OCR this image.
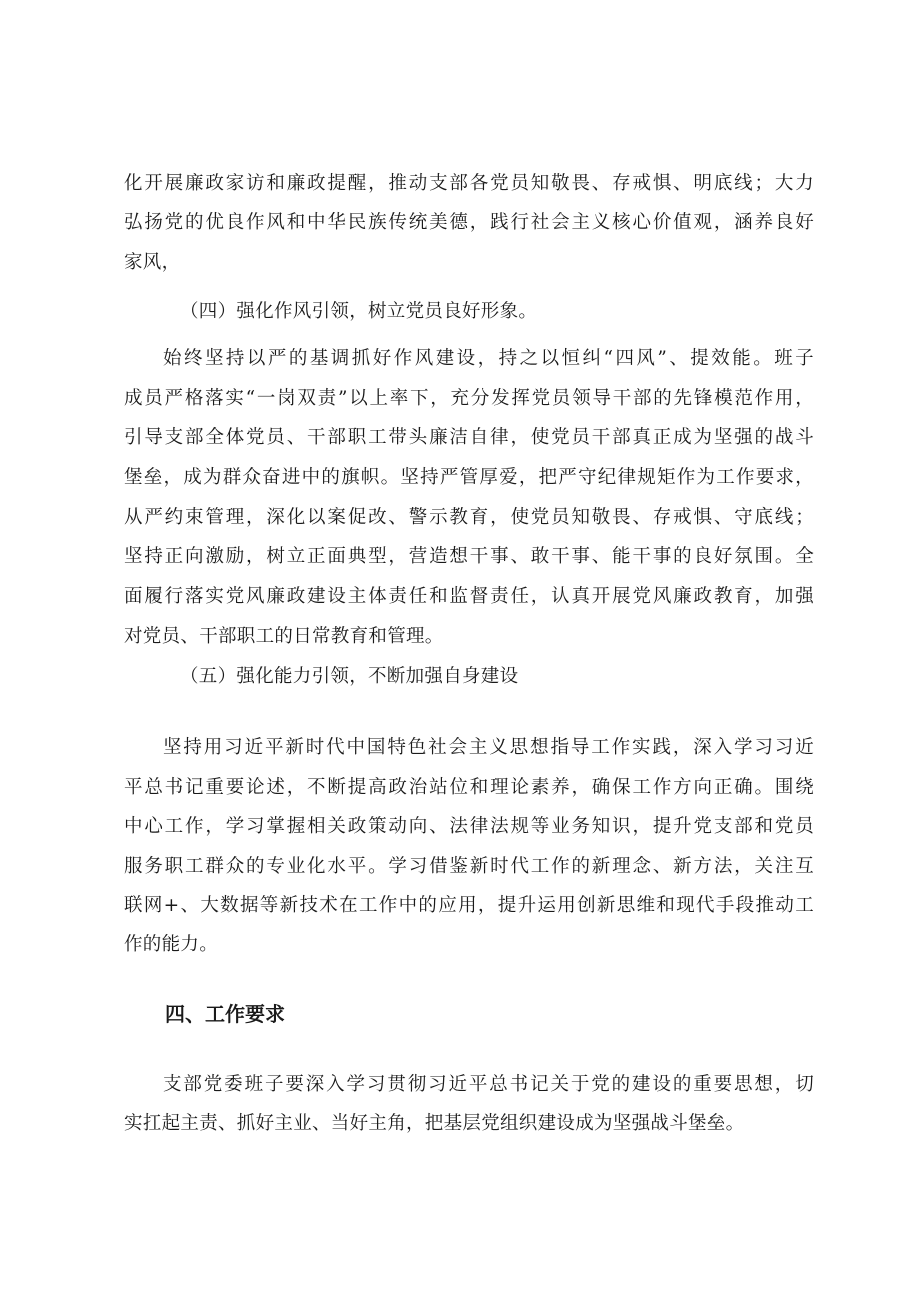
化开展廉政家访和廉政提醒，推动支部各党员知敬畏、存戒惧、明底线；大力
弘扬党的优良作风和中华民族传统美德，践行社会主义核心价值观，涵养良好
家风，
（四）强化作风引领，树立党员良好形象。
始终坚持以严的基调抓好作风建设，持之以恒纠“四风”、提效能。班子
成员严格落实“一岗双责”以上率下，充分发挥党员领导干部的先锋模范作用，
引导支部全体党员、干部职工带头廉洁自律，使党员干部真正成为坚强的战斗
堡垒，成为群众奋进中的旗帜。坚持严管厚爱，把严守纪律规矩作为工作要求，
从严约束管理，深化以案促改、警示教育，使党员知敬畏、存戒惧、守底线；
坚持正向激励，树立正面典型，营造想干事、敢干事、能干事的良好氛围。全
面履行落实党风廉政建设主体责任和监督责任，认真开展党风廉政教育，加强
对党员、干部职工的日常教育和管理。
（五）强化能力引领，不断加强自身建设
坚持用习近平新时代中国特色社会主义思想指导工作实践，深入学习习近
平总书记重要论述，不断提高政治站位和理论素养，确保工作方向正确。围绕
中心工作，学习掌握相关政策动向、法律法规等业务知识，提升党支部和党员
服务职工群众的专业化水平。学习借鉴新时代工作的新理念、新方法，关注互
联网+、大数据等新技术在工作中的应用，提升运用创新思维和现代手段推动工
作的能力。
四、工作要求
支部党委班子要深入学习贯彻习近平总书记关于党的建设的重要思想，切
实扛起主责、抓好主业、当好主角，把基层党组织建设成为坚强战斗堡垒。
